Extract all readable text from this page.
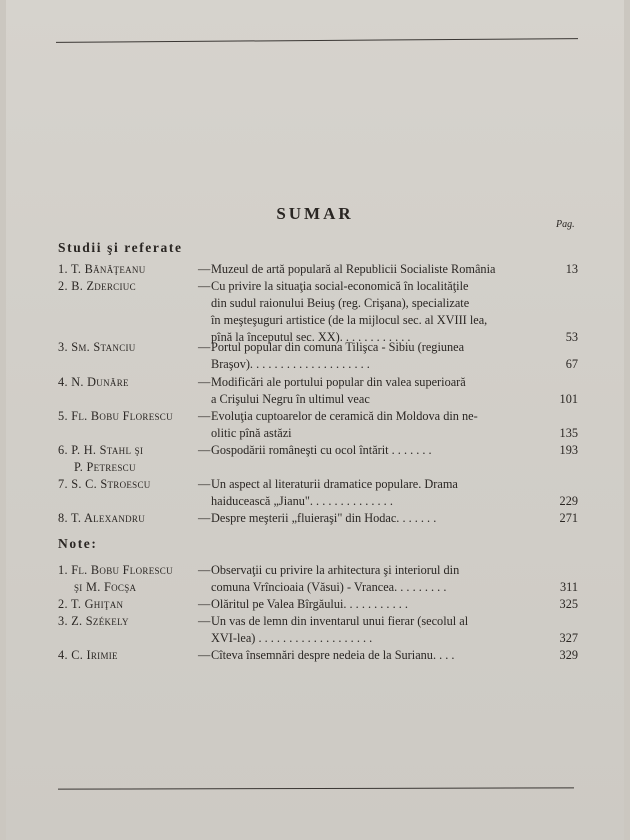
SUMAR
Pag.
Studii şi referate
1. T. Bănăţeanu	— Muzeul de artă populară al Republicii Socialiste România	13
2. B. Zderciuc	— Cu privire la situaţia social-economică în localităţile
din sudul raionului Beiuş (reg. Crişana), specializate
în meşteşuguri artistice (de la mijlocul sec. al XVIII lea,
pînă la începutul sec. XX). . . . . . . . . . . .	53
3. Sm. Stanciu	— Portul popular din comuna Tilişca - Sibiu (regiunea
Braşov). . . . . . . . . . . . . . . . . . . .	67
4. N. Dunăre	— Modificări ale portului popular din valea superioară
a Crişului Negru în ultimul veac	101
5. Fl. Bobu Florescu	— Evoluţia cuptoarelor de ceramică din Moldova din ne-
olitic pînă astăzi	135
6. P. H. Stahl şi
P. Petrescu
— Gospodării româneşti cu ocol întărit . . . . . . .	193
7. S. C. Stroescu	— Un aspect al literaturii dramatice populare. Drama
haiducească „Jianu". . . . . . . . . . . . . .	229
8. T. Alexandru	— Despre meşterii „fluieraşi" din Hodac. . . . . . .	271
Note:
1. Fl. Bobu Florescu
şi M. Focşa
— Observaţii cu privire la arhitectura şi interiorul din
comuna Vrîncioaia (Văsui) - Vrancea. . . . . . . . .	311
2. T. Ghiţan	— Olăritul pe Valea Bîrgăului. . . . . . . . . . .	325
3. Z. Székely	— Un vas de lemn din inventarul unui fierar (secolul al
XVI-lea) . . . . . . . . . . . . . . . . . . .	327
4. C. Irimie	— Cîteva însemnări despre nedeia de la Surianu. . . .	329
